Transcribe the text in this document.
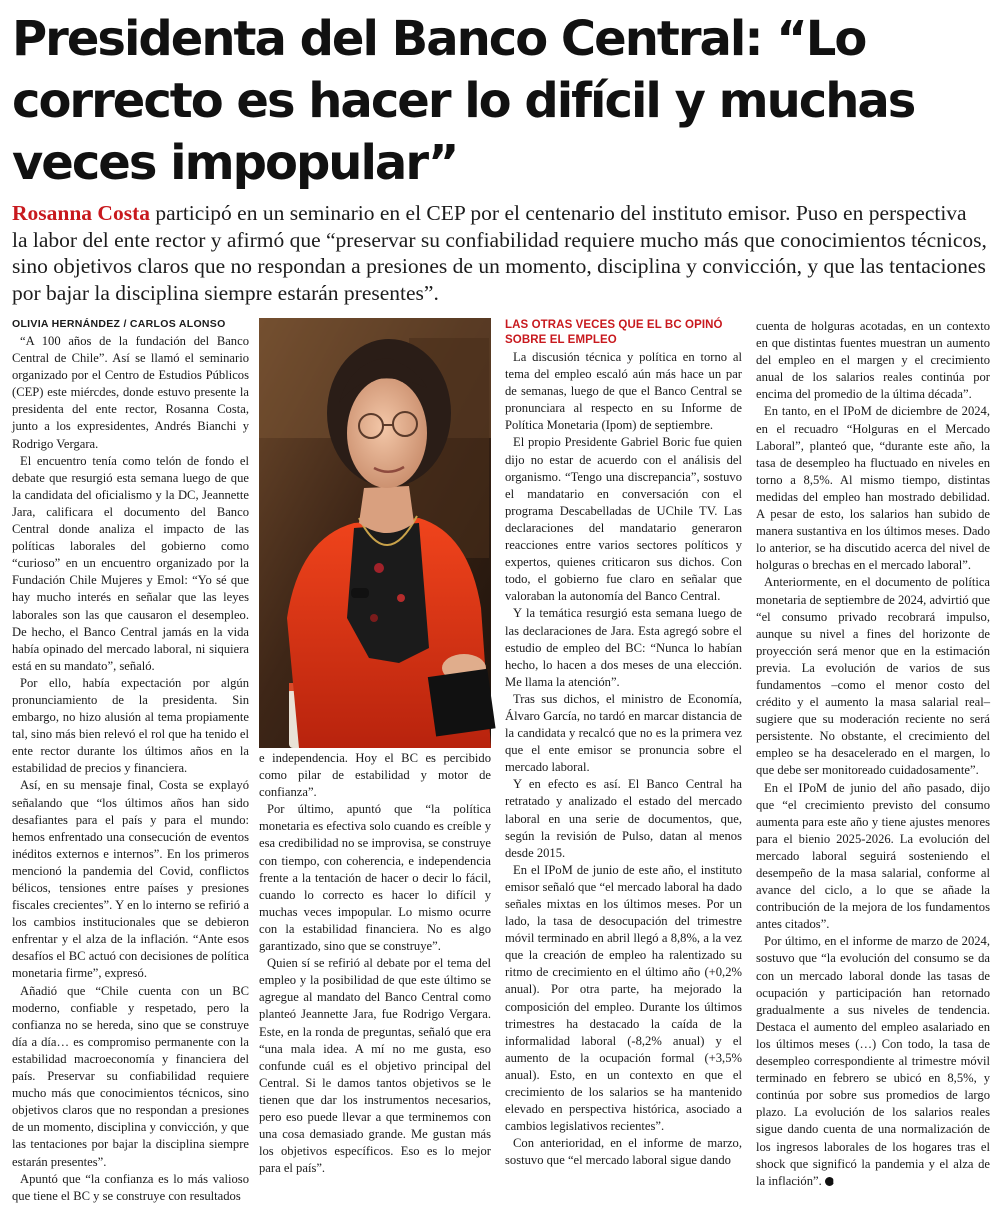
Presidenta del Banco Central: “Lo correcto es hacer lo difícil y muchas veces impopular”

Rosanna Costa participó en un seminario en el CEP por el centenario del instituto emisor. Puso en perspectiva la labor del ente rector y afirmó que “preservar su confiabilidad requiere mucho más que conocimientos técnicos, sino objetivos claros que no respondan a presiones de un momento, disciplina y convicción, y que las tentaciones por bajar la disciplina siempre estarán presentes”.

OLIVIA HERNÁNDEZ / CARLOS ALONSO

“A 100 años de la fundación del Banco Central de Chile”. Así se llamó el seminario organizado por el Centro de Estudios Públicos (CEP) este miércdes, donde estuvo presente la presidenta del ente rector, Rosanna Costa, junto a los expresidentes, Andrés Bianchi y Rodrigo Vergara.

El encuentro tenía como telón de fondo el debate que resurgió esta semana luego de que la candidata del oficialismo y la DC, Jeannette Jara, calificara el documento del Banco Central donde analiza el impacto de las políticas laborales del gobierno como “curioso” en un encuentro organizado por la Fundación Chile Mujeres y Emol: “Yo sé que hay mucho interés en señalar que las leyes laborales son las que causaron el desempleo. De hecho, el Banco Central jamás en la vida había opinado del mercado laboral, ni siquiera está en su mandato”, señaló.

Por ello, había expectación por algún pronunciamiento de la presidenta. Sin embargo, no hizo alusión al tema propiamente tal, sino más bien relevó el rol que ha tenido el ente rector durante los últimos años en la estabilidad de precios y financiera.

Así, en su mensaje final, Costa se explayó señalando que “los últimos años han sido desafiantes para el país y para el mundo: hemos enfrentado una consecución de eventos inéditos externos e internos”. En los primeros mencionó la pandemia del Covid, conflictos bélicos, tensiones entre países y presiones fiscales crecientes”. Y en lo interno se refirió a los cambios institucionales que se debieron enfrentar y el alza de la inflación. “Ante esos desafíos el BC actuó con decisiones de política monetaria firme”, expresó.

Añadió que “Chile cuenta con un BC moderno, confiable y respetado, pero la confianza no se hereda, sino que se construye día a día… es compromiso permanente con la estabilidad macroeconomía y financiera del país. Preservar su confiabilidad requiere mucho más que conocimientos técnicos, sino objetivos claros que no respondan a presiones de un momento, disciplina y convicción, y que las tentaciones por bajar la disciplina siempre estarán presentes”.

Apuntó que “la confianza es lo más valioso que tiene el BC y se construye con resultados

e independencia. Hoy el BC es percibido como pilar de estabilidad y motor de confianza”.

Por último, apuntó que “la política monetaria es efectiva solo cuando es creíble y esa credibilidad no se improvisa, se construye con tiempo, con coherencia, e independencia frente a la tentación de hacer o decir lo fácil, cuando lo correcto es hacer lo difícil y muchas veces impopular. Lo mismo ocurre con la estabilidad financiera. No es algo garantizado, sino que se construye”.

Quien sí se refirió al debate por el tema del empleo y la posibilidad de que este último se agregue al mandato del Banco Central como planteó Jeannette Jara, fue Rodrigo Vergara. Este, en la ronda de preguntas, señaló que era “una mala idea. A mí no me gusta, eso confunde cuál es el objetivo principal del Central. Si le damos tantos objetivos se le tienen que dar los instrumentos necesarios, pero eso puede llevar a que terminemos con una cosa demasiado grande. Me gustan más los objetivos específicos. Eso es lo mejor para el país”.

LAS OTRAS VECES QUE EL BC OPINÓ SOBRE EL EMPLEO

La discusión técnica y política en torno al tema del empleo escaló aún más hace un par de semanas, luego de que el Banco Central se pronunciara al respecto en su Informe de Política Monetaria (Ipom) de septiembre.

El propio Presidente Gabriel Boric fue quien dijo no estar de acuerdo con el análisis del organismo. “Tengo una discrepancia”, sostuvo el mandatario en conversación con el programa Descabelladas de UChile TV. Las declaraciones del mandatario generaron reacciones entre varios sectores políticos y expertos, quienes criticaron sus dichos. Con todo, el gobierno fue claro en señalar que valoraban la autonomía del Banco Central.

Y la temática resurgió esta semana luego de las declaraciones de Jara. Esta agregó sobre el estudio de empleo del BC: “Nunca lo habían hecho, lo hacen a dos meses de una elección. Me llama la atención”.

Tras sus dichos, el ministro de Economía, Álvaro García, no tardó en marcar distancia de la candidata y recalcó que no es la primera vez que el ente emisor se pronuncia sobre el mercado laboral.

Y en efecto es así. El Banco Central ha retratado y analizado el estado del mercado laboral en una serie de documentos, que, según la revisión de Pulso, datan al menos desde 2015.

En el IPoM de junio de este año, el instituto emisor señaló que “el mercado laboral ha dado señales mixtas en los últimos meses. Por un lado, la tasa de desocupación del trimestre móvil terminado en abril llegó a 8,8%, a la vez que la creación de empleo ha ralentizado su ritmo de crecimiento en el último año (+0,2% anual). Por otra parte, ha mejorado la composición del empleo. Durante los últimos trimestres ha destacado la caída de la informalidad laboral (-8,2% anual) y el aumento de la ocupación formal (+3,5% anual). Esto, en un contexto en que el crecimiento de los salarios se ha mantenido elevado en perspectiva histórica, asociado a cambios legislativos recientes”.

Con anterioridad, en el informe de marzo, sostuvo que “el mercado laboral sigue dando

cuenta de holguras acotadas, en un contexto en que distintas fuentes muestran un aumento del empleo en el margen y el crecimiento anual de los salarios reales continúa por encima del promedio de la última década”.

En tanto, en el IPoM de diciembre de 2024, en el recuadro “Holguras en el Mercado Laboral”, planteó que, “durante este año, la tasa de desempleo ha fluctuado en niveles en torno a 8,5%. Al mismo tiempo, distintas medidas del empleo han mostrado debilidad. A pesar de esto, los salarios han subido de manera sustantiva en los últimos meses. Dado lo anterior, se ha discutido acerca del nivel de holguras o brechas en el mercado laboral”.

Anteriormente, en el documento de política monetaria de septiembre de 2024, advirtió que “el consumo privado recobrará impulso, aunque su nivel a fines del horizonte de proyección será menor que en la estimación previa. La evolución de varios de sus fundamentos –como el menor costo del crédito y el aumento la masa salarial real– sugiere que su moderación reciente no será persistente. No obstante, el crecimiento del empleo se ha desacelerado en el margen, lo que debe ser monitoreado cuidadosamente”.

En el IPoM de junio del año pasado, dijo que “el crecimiento previsto del consumo aumenta para este año y tiene ajustes menores para el bienio 2025-2026. La evolución del mercado laboral seguirá sosteniendo el desempeño de la masa salarial, conforme al avance del ciclo, a lo que se añade la contribución de la mejora de los fundamentos antes citados”.

Por último, en el informe de marzo de 2024, sostuvo que “la evolución del consumo se da con un mercado laboral donde las tasas de ocupación y participación han retornado gradualmente a sus niveles de tendencia. Destaca el aumento del empleo asalariado en los últimos meses (…) Con todo, la tasa de desempleo correspondiente al trimestre móvil terminado en febrero se ubicó en 8,5%, y continúa por sobre sus promedios de largo plazo. La evolución de los salarios reales sigue dando cuenta de una normalización de los ingresos laborales de los hogares tras el shock que significó la pandemia y el alza de la inflación”. P
